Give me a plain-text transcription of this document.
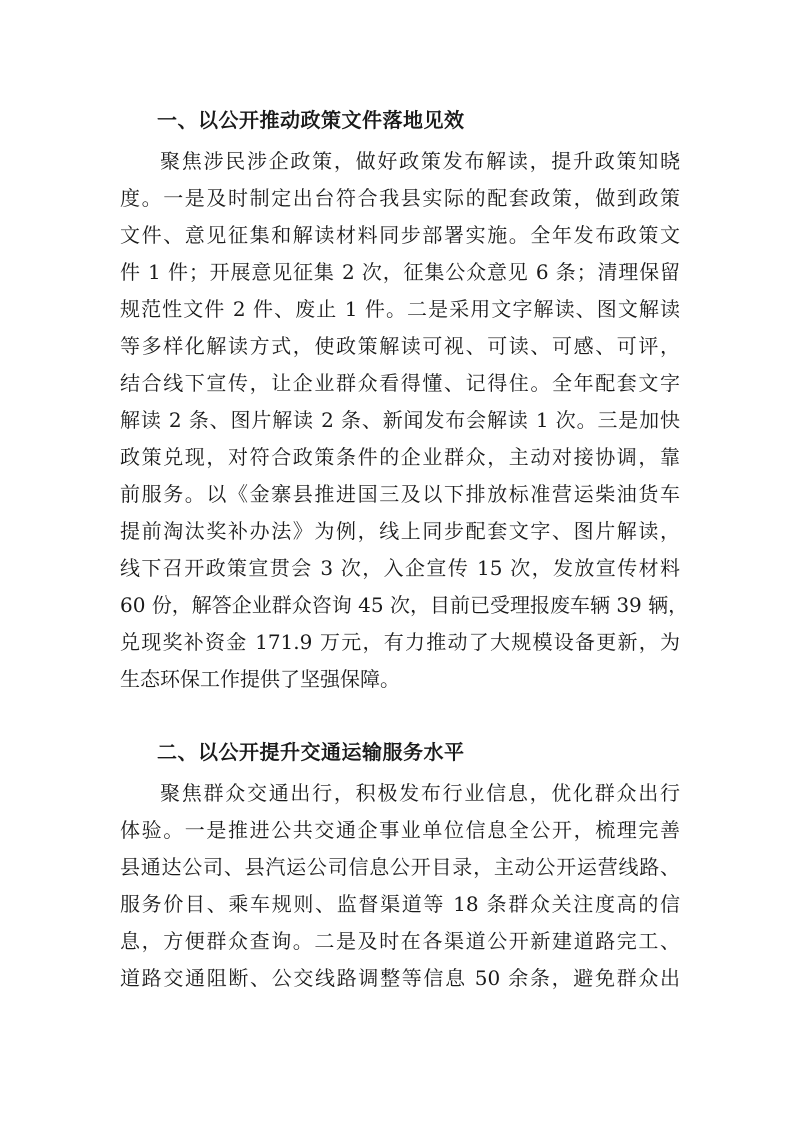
一、以公开推动政策文件落地见效
聚焦涉民涉企政策，做好政策发布解读，提升政策知晓
度。一是及时制定出台符合我县实际的配套政策，做到政策
文件、意见征集和解读材料同步部署实施。全年发布政策文
件 1 件；开展意见征集 2 次，征集公众意见 6 条；清理保留
规范性文件 2 件、废止 1 件。二是采用文字解读、图文解读
等多样化解读方式，使政策解读可视、可读、可感、可评，
结合线下宣传，让企业群众看得懂、记得住。全年配套文字
解读 2 条、图片解读 2 条、新闻发布会解读 1 次。三是加快
政策兑现，对符合政策条件的企业群众，主动对接协调，靠
前服务。以《金寨县推进国三及以下排放标准营运柴油货车
提前淘汰奖补办法》为例，线上同步配套文字、图片解读，
线下召开政策宣贯会 3 次，入企宣传 15 次，发放宣传材料
60 份，解答企业群众咨询 45 次，目前已受理报废车辆 39 辆，
兑现奖补资金 171.9 万元，有力推动了大规模设备更新，为
生态环保工作提供了坚强保障。
二、以公开提升交通运输服务水平
聚焦群众交通出行，积极发布行业信息，优化群众出行
体验。一是推进公共交通企事业单位信息全公开，梳理完善
县通达公司、县汽运公司信息公开目录，主动公开运营线路、
服务价目、乘车规则、监督渠道等 18 条群众关注度高的信
息，方便群众查询。二是及时在各渠道公开新建道路完工、
道路交通阻断、公交线路调整等信息 50 余条，避免群众出
